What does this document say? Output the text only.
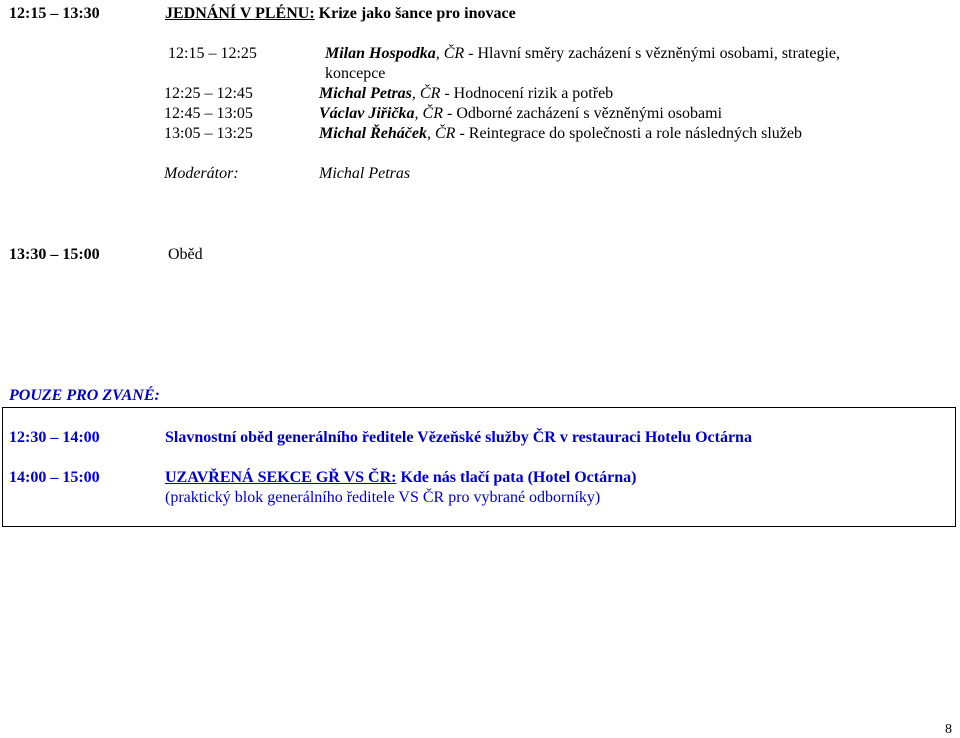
12:15 – 13:30	JEDNÁNÍ V PLÉNU: Krize jako šance pro inovace
12:15 – 12:25	Milan Hospodka, ČR - Hlavní směry zacházení s vězněnými osobami, strategie,
koncepce
12:25 – 12:45	Michal Petras, ČR - Hodnocení rizik a potřeb
12:45 – 13:05	Václav Jiřička, ČR - Odborné zacházení s vězněnými osobami
13:05 – 13:25	Michal Řeháček, ČR - Reintegrace do společnosti a role následných služeb
Moderátor:	Michal Petras
13:30 – 15:00	Oběd
POUZE PRO ZVANÉ:
12:30 – 14:00	Slavnostní oběd generálního ředitele Vězeňské služby ČR v restauraci Hotelu Octárna
14:00 – 15:00	UZAVŘENÁ SEKCE GŘ VS ČR: Kde nás tlačí pata (Hotel Octárna)
(praktický blok generálního ředitele VS ČR pro vybrané odborníky)
8
